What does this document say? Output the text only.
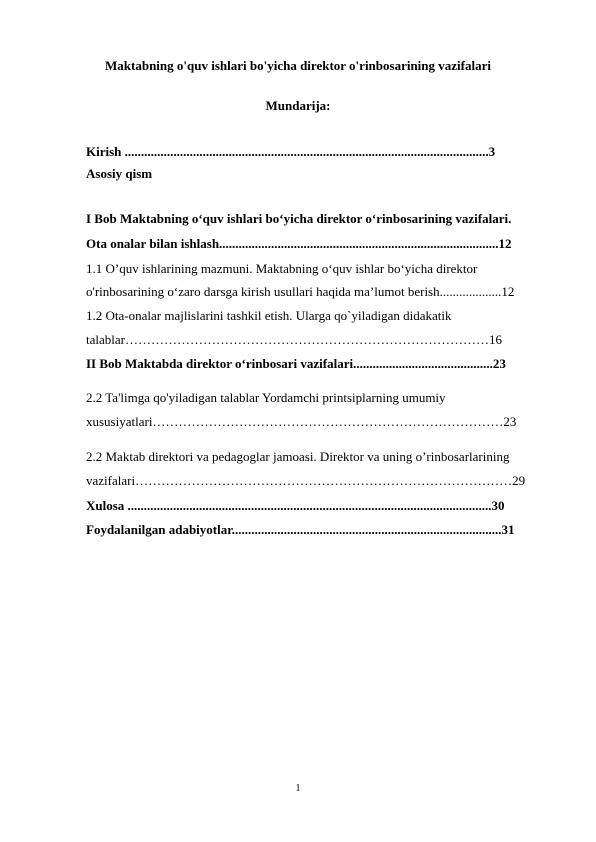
Maktabning o'quv ishlari bo'yicha direktor o'rinbosarining vazifalari
Mundarija:
Kirish ................................................................................................................3
Asosiy qism
I Bob Maktabning o‘quv ishlari bo‘yicha direktor o‘rinbosarining vazifalari.
Ota onalar bilan ishlash......................................................................................12
1.1 O’quv ishlarining mazmuni. Maktabning o‘quv ishlar bo‘yicha direktor
o'rinbosarining o‘zaro darsga kirish usullari haqida ma’lumot berish...................12
1.2 Ota-onalar majlislarini tashkil etish. Ularga qo`yiladigan didakatik
talablar…………………………………………………………………………16
II Bob Maktabda direktor o‘rinbosari vazifalari...........................................23
2.2 Ta'limga qo'yiladigan talablar Yordamchi printsiplarning umumiy
xususiyatlari………………………………………………………………………23
2.2 Maktab direktori va pedagoglar jamoasi. Direktor va uning o’rinbosarlarining
vazifalari……………………………………………………………………………29
Xulosa ................................................................................................................30
Foydalanilgan adabiyotlar...................................................................................31
1
